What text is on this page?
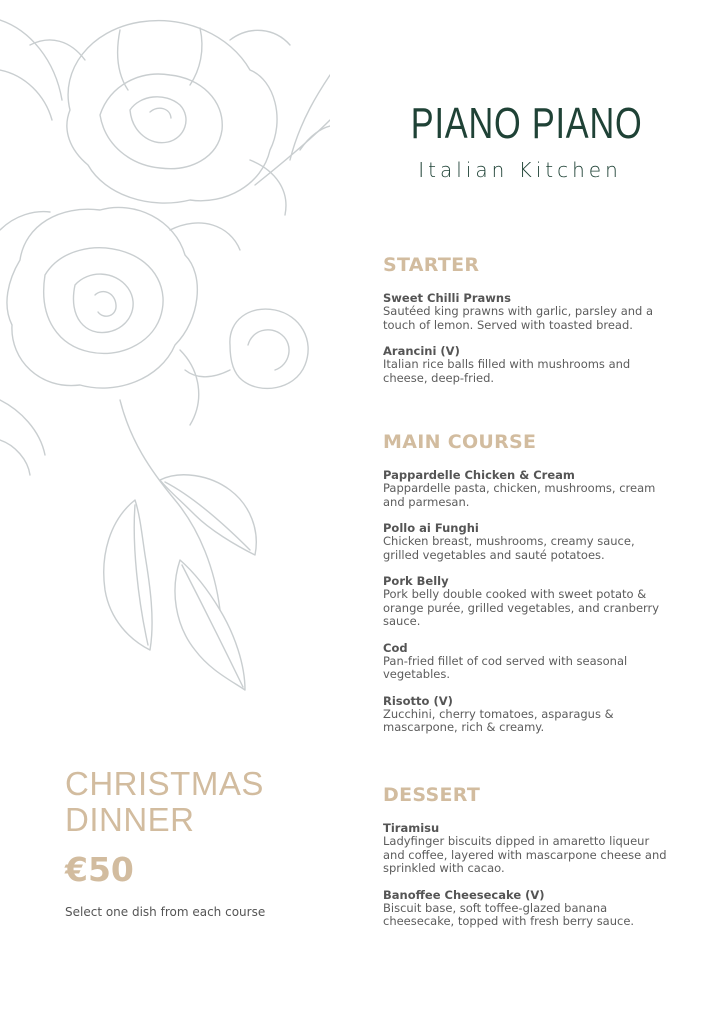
PIANO PIANO
Italian Kitchen
STARTER
Sweet Chilli Prawns
Sautéed king prawns with garlic, parsley and a touch of lemon. Served with toasted bread.
Arancini (V)
Italian rice balls filled with mushrooms and cheese, deep-fried.
MAIN COURSE
Pappardelle Chicken & Cream
Pappardelle pasta, chicken, mushrooms, cream and parmesan.
Pollo ai Funghi
Chicken breast, mushrooms, creamy sauce, grilled vegetables and sauté potatoes.
Pork Belly
Pork belly double cooked with sweet potato & orange purée, grilled vegetables, and cranberry sauce.
Cod
Pan-fried fillet of cod served with seasonal vegetables.
Risotto (V)
Zucchini, cherry tomatoes, asparagus & mascarpone, rich & creamy.
DESSERT
Tiramisu
Ladyfinger biscuits dipped in amaretto liqueur and coffee, layered with mascarpone cheese and sprinkled with cacao.
Banoffee Cheesecake (V)
Biscuit base, soft toffee-glazed banana cheesecake, topped with fresh berry sauce.
CHRISTMAS
DINNER
€50
Select one dish from each course
